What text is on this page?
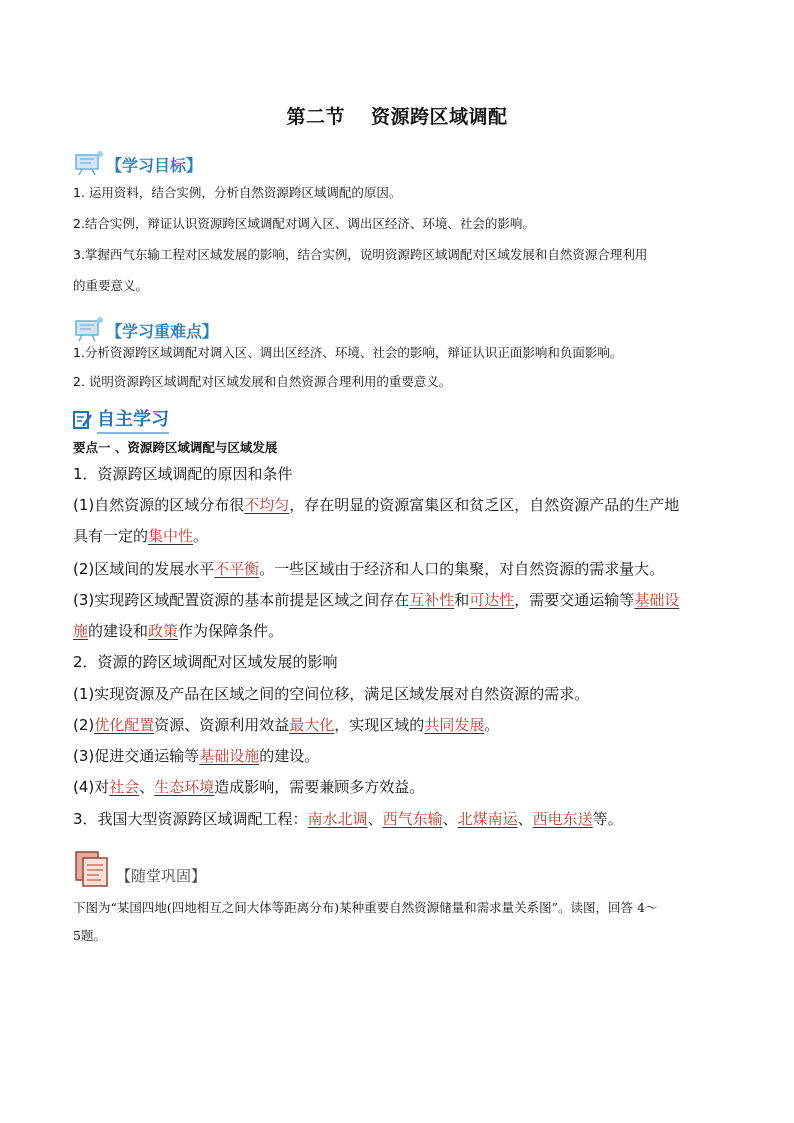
第二节 资源跨区域调配
【学习目标】
1. 运用资料，结合实例，分析自然资源跨区域调配的原因。
2.结合实例，辩证认识资源跨区域调配对调入区、调出区经济、环境、社会的影响。
3.掌握西气东输工程对区域发展的影响，结合实例，说明资源跨区域调配对区域发展和自然资源合理利用
的重要意义。
【学习重难点】
1.分析资源跨区域调配对调入区、调出区经济、环境、社会的影响，辩证认识正面影响和负面影响。
2. 说明资源跨区域调配对区域发展和自然资源合理利用的重要意义。
自主学习
要点一 、资源跨区域调配与区域发展
1．资源跨区域调配的原因和条件
(1)自然资源的区域分布很不均匀，存在明显的资源富集区和贫乏区，自然资源产品的生产地
具有一定的集中性。
(2)区域间的发展水平不平衡。一些区域由于经济和人口的集聚，对自然资源的需求量大。
(3)实现跨区域配置资源的基本前提是区域之间存在互补性和可达性，需要交通运输等基础设
施的建设和政策作为保障条件。
2．资源的跨区域调配对区域发展的影响
(1)实现资源及产品在区域之间的空间位移，满足区域发展对自然资源的需求。
(2)优化配置资源、资源利用效益最大化，实现区域的共同发展。
(3)促进交通运输等基础设施的建设。
(4)对社会、生态环境造成影响，需要兼顾多方效益。
3．我国大型资源跨区域调配工程：南水北调、西气东输、北煤南运、西电东送等。
【随堂巩固】
下图为“某国四地(四地相互之间大体等距离分布)某种重要自然资源储量和需求量关系图”。读图，回答 4～
5题。
